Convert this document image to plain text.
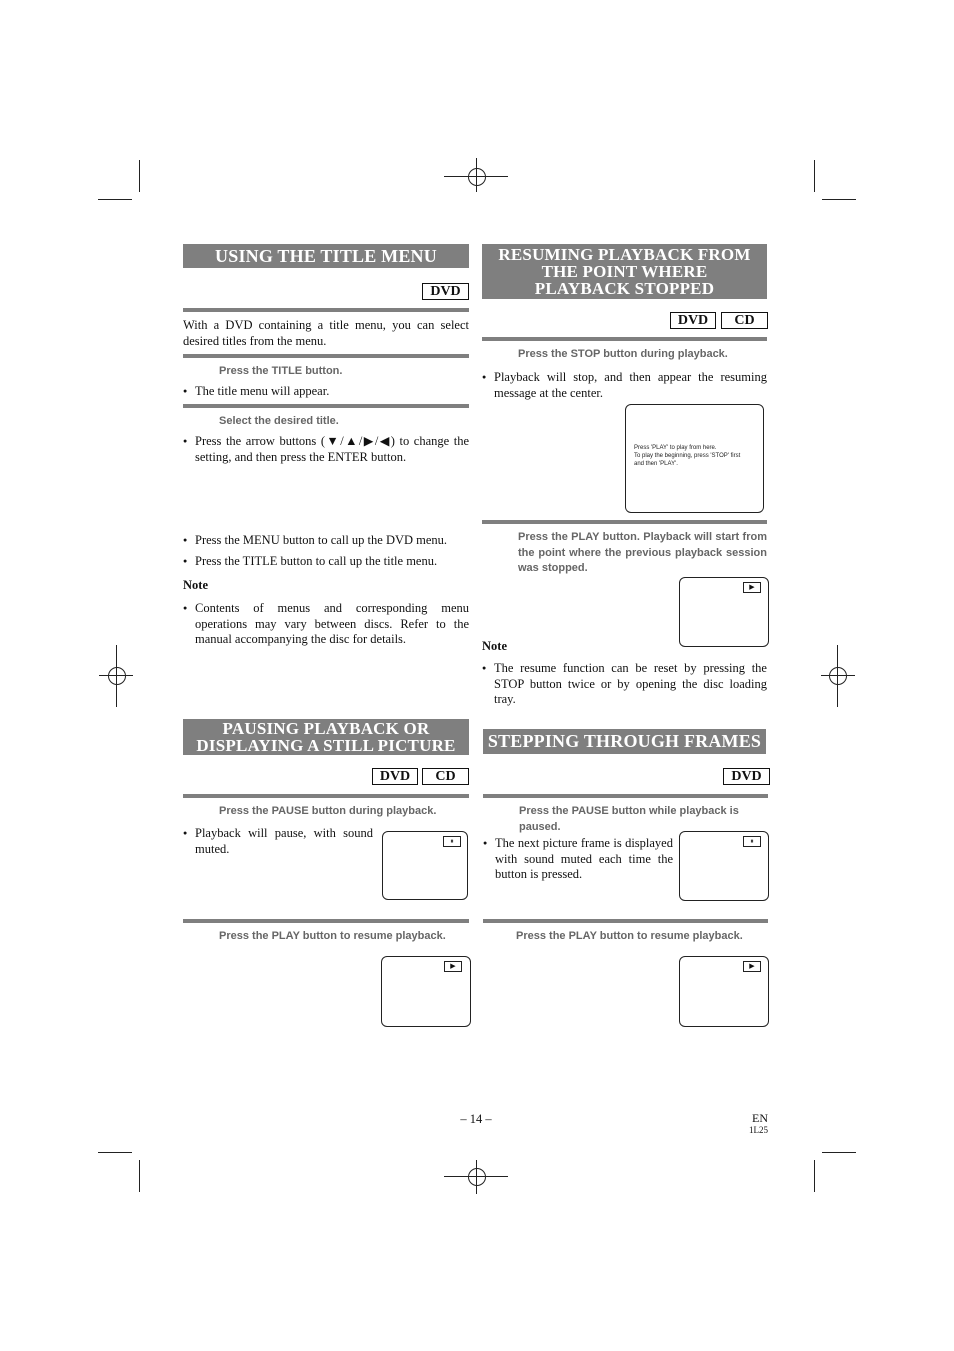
USING THE TITLE MENU
DVD
With a DVD containing a title menu, you can select desired titles from the menu.
Press the TITLE button.
● The title menu will appear.
Select the desired title.
● Press the arrow buttons (▼/▲/▶/◀) to change the setting, and then press the ENTER button.
● Press the MENU button to call up the DVD menu.
● Press the TITLE button to call up the title menu.
Note
● Contents of menus and corresponding menu operations may vary between discs. Refer to the manual accompanying the disc for details.
RESUMING PLAYBACK FROM
THE POINT WHERE
PLAYBACK STOPPED
DVD	CD
Press the STOP button during playback.
● Playback will stop, and then appear the resuming message at the center.
Press 'PLAY' to play from here.
To play the beginning, press 'STOP' first
and then 'PLAY'.
Press the PLAY button. Playback will start from the point where the previous playback session was stopped.
▶
Note
● The resume function can be reset by pressing the STOP button twice or by opening the disc loading tray.
PAUSING PLAYBACK OR
DISPLAYING A STILL PICTURE
DVD	CD
Press the PAUSE button during playback.
● Playback will pause, with sound muted.
⏸
Press the PLAY button to resume playback.
▶
STEPPING THROUGH FRAMES
DVD
Press the PAUSE button while playback is paused.
● The next picture frame is displayed with sound muted each time the button is pressed.
⏸
Press the PLAY button to resume playback.
▶
– 14 –	EN
1L25
